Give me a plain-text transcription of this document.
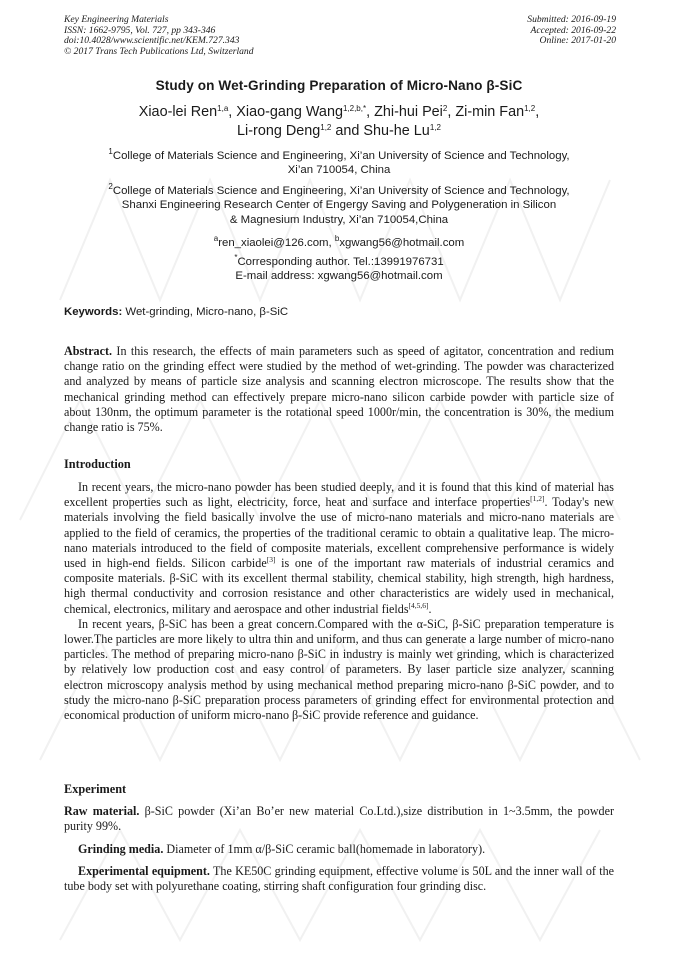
Key Engineering Materials
ISSN: 1662-9795, Vol. 727, pp 343-346
doi:10.4028/www.scientific.net/KEM.727.343
© 2017 Trans Tech Publications Ltd, Switzerland
Submitted: 2016-09-19
Accepted: 2016-09-22
Online: 2017-01-20
Study on Wet-Grinding Preparation of Micro-Nano β-SiC
Xiao-lei Ren$^{1,a}$, Xiao-gang Wang$^{1,2,b,*}$, Zhi-hui Pei$^2$, Zi-min Fan$^{1,2}$,
Li-rong Deng$^{1,2}$ and Shu-he Lu$^{1,2}$
$^1$College of Materials Science and Engineering, Xi’an University of Science and Technology,
Xi’an 710054, China
$^2$College of Materials Science and Engineering, Xi’an University of Science and Technology,
Shanxi Engineering Research Center of Engergy Saving and Polygeneration in Silicon
& Magnesium Industry, Xi’an 710054,China
$^a$ren_xiaolei@126.com, $^b$xgwang56@hotmail.com
*Corresponding author. Tel.:13991976731
E-mail address: xgwang56@hotmail.com
Keywords: Wet-grinding, Micro-nano, β-SiC
Abstract. In this research, the effects of main parameters such as speed of agitator, concentration and redium change ratio on the grinding effect were studied by the method of wet-grinding. The powder was characterized and analyzed by means of particle size analysis and scanning electron microscope. The results show that the mechanical grinding method can effectively prepare micro-nano silicon carbide powder with particle size of about 130nm, the optimum parameter is the rotational speed 1000r/min, the concentration is 30%, the medium change ratio is 75%.
Introduction
In recent years, the micro-nano powder has been studied deeply, and it is found that this kind of material has excellent properties such as light, electricity, force, heat and surface and interface properties[1,2]. Today's new materials involving the field basically involve the use of micro-nano materials and micro-nano materials are applied to the field of ceramics, the properties of the traditional ceramic to obtain a qualitative leap. The micro-nano materials introduced to the field of composite materials, excellent comprehensive performance is widely used in high-end fields. Silicon carbide[3] is one of the important raw materials of industrial ceramics and composite materials. β-SiC with its excellent thermal stability, chemical stability, high strength, high hardness, high thermal conductivity and corrosion resistance and other characteristics are widely used in mechanical, chemical, electronics, military and aerospace and other industrial fields[4,5,6].
In recent years, β-SiC has been a great concern.Compared with the α-SiC, β-SiC preparation temperature is lower.The particles are more likely to ultra thin and uniform, and thus can generate a large number of micro-nano particles. The method of preparing micro-nano β-SiC in industry is mainly wet grinding, which is characterized by relatively low production cost and easy control of parameters. By laser particle size analyzer, scanning electron microscopy analysis method by using mechanical method preparing micro-nano β-SiC powder, and to study the micro-nano β-SiC preparation process parameters of grinding effect for environmental protection and economical production of uniform micro-nano β-SiC provide reference and guidance.
Experiment
Raw material. β-SiC powder (Xi’an Bo’er new material Co.Ltd.),size distribution in 1~3.5mm, the powder purity 99%.
Grinding media. Diameter of 1mm α/β-SiC ceramic ball(homemade in laboratory).
Experimental equipment. The KE50C grinding equipment, effective volume is 50L and the inner wall of the tube body set with polyurethane coating, stirring shaft configuration four grinding disc.
